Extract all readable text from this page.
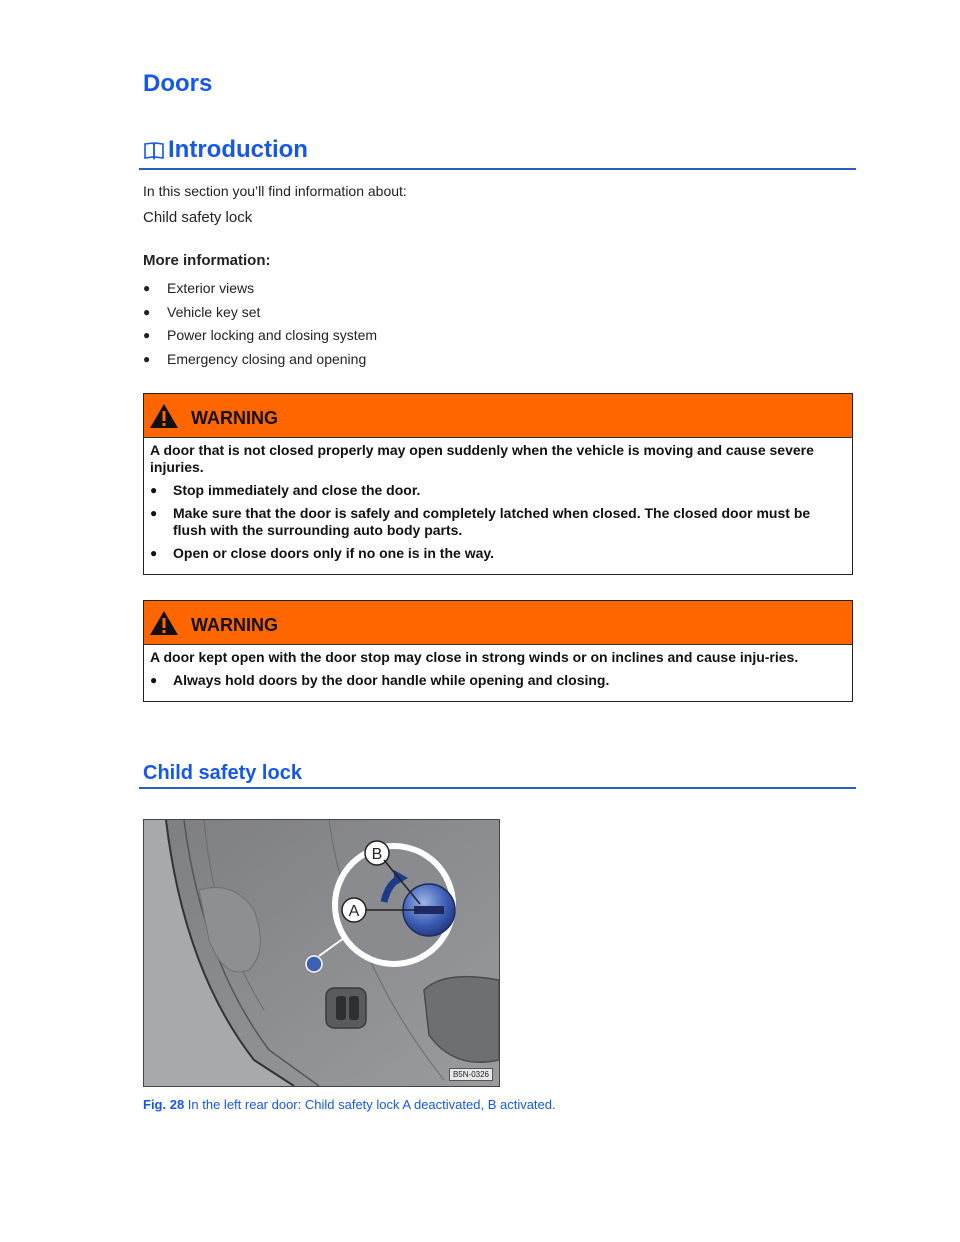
Doors
Introduction
In this section you’ll find information about:
Child safety lock
More information:
●	Exterior views
●	Vehicle key set
●	Power locking and closing system
●	Emergency closing and opening
WARNING

A door that is not closed properly may open suddenly when the vehicle is moving and cause severe injuries.

●	Stop immediately and close the door.
●	Make sure that the door is safely and completely latched when closed. The closed door must be flush with the surrounding auto body parts.
●	Open or close doors only if no one is in the way.
WARNING

A door kept open with the door stop may close in strong winds or on inclines and cause inju-ries.

●	Always hold doors by the door handle while opening and closing.
Child safety lock
B
A
B5N-0326
Fig. 28 In the left rear door: Child safety lock A deactivated, B activated.
